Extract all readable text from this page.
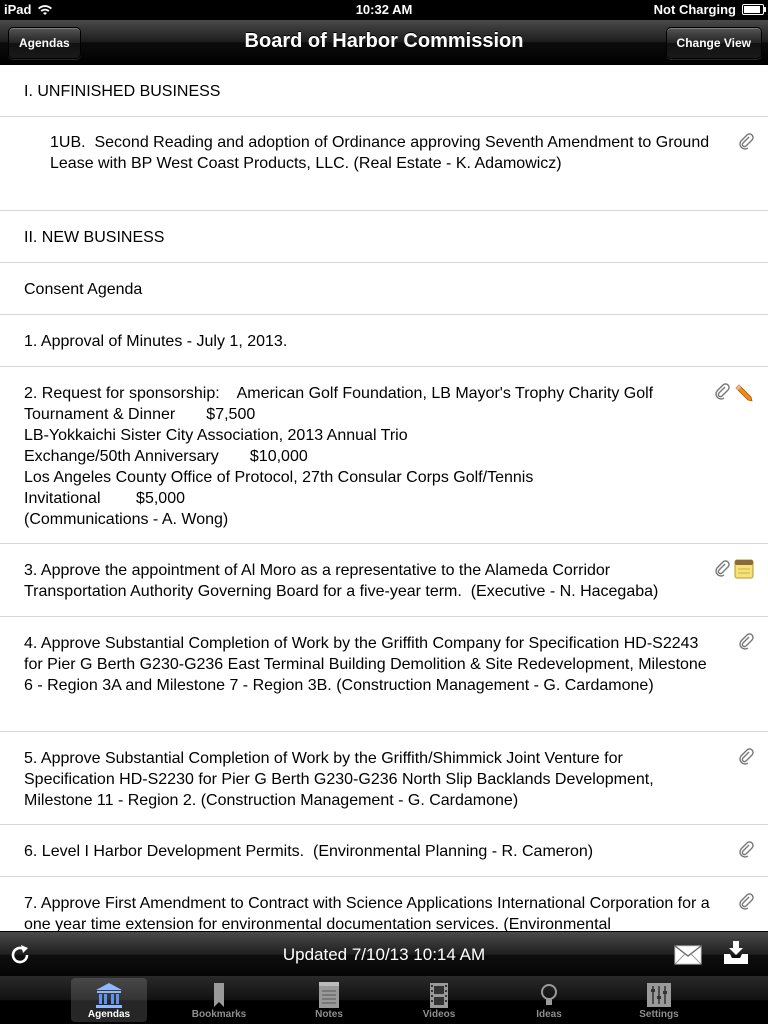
iPad	10:32 AM	Not Charging
Agendas	Board of Harbor Commission	Change View
I. UNFINISHED BUSINESS
1UB.  Second Reading and adoption of Ordinance approving Seventh Amendment to Ground Lease with BP West Coast Products, LLC. (Real Estate - K. Adamowicz)
II. NEW BUSINESS
Consent Agenda
1. Approval of Minutes - July 1, 2013.
2. Request for sponsorship:    American Golf Foundation, LB Mayor's Trophy Charity Golf Tournament & Dinner       $7,500
LB-Yokkaichi Sister City Association, 2013 Annual Trio
Exchange/50th Anniversary       $10,000
Los Angeles County Office of Protocol, 27th Consular Corps Golf/Tennis
Invitational        $5,000
(Communications - A. Wong)
3. Approve the appointment of Al Moro as a representative to the Alameda Corridor Transportation Authority Governing Board for a five-year term.  (Executive - N. Hacegaba)
4. Approve Substantial Completion of Work by the Griffith Company for Specification HD-S2243 for Pier G Berth G230-G236 East Terminal Building Demolition & Site Redevelopment, Milestone 6 - Region 3A and Milestone 7 - Region 3B. (Construction Management - G. Cardamone)
5. Approve Substantial Completion of Work by the Griffith/Shimmick Joint Venture for Specification HD-S2230 for Pier G Berth G230-G236 North Slip Backlands Development, Milestone 11 - Region 2. (Construction Management - G. Cardamone)
6. Level I Harbor Development Permits.  (Environmental Planning - R. Cameron)
7. Approve First Amendment to Contract with Science Applications International Corporation for a one year time extension for environmental documentation services. (Environmental
Updated 7/10/13 10:14 AM
Agendas	Bookmarks	Notes	Videos	Ideas	Settings
